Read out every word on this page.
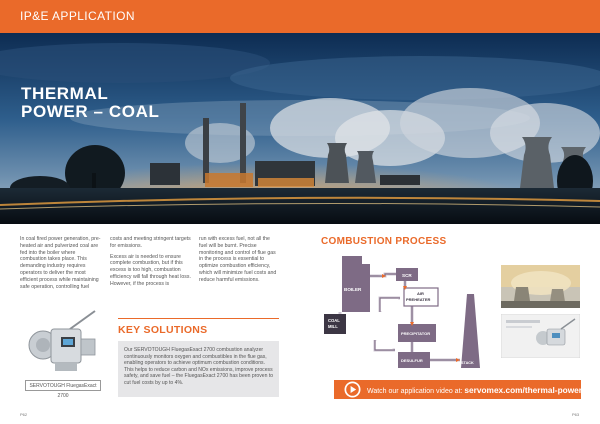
IP&E APPLICATION
THERMAL
POWER – COAL

In coal fired power generation, pre-heated air and pulverized coal are fed into the boiler where combustion takes place. This demanding industry requires operators to deliver the most efficient process while maintaining safe operation, controlling fuel

costs and meeting stringent targets for emissions.

Excess air is needed to ensure complete combustion, but if this excess is too high, combustion efficiency will fall through heat loss. However, if the process is

run with excess fuel, not all the fuel will be burnt. Precise monitoring and control of flue gas in the process is essential to optimize combustion efficiency, which will minimize fuel costs and reduce harmful emissions.

SERVOTOUGH FluegasExact 2700
KEY SOLUTIONS
Our SERVOTOUGH FluegasExact 2700 combustion analyzer continuously monitors oxygen and combustibles in the flue gas, enabling operators to achieve optimum combustion conditions. This helps to reduce carbon and NOx emissions, improve process safety, and save fuel – the FluegasExact 2700 has been proven to cut fuel costs by up to 4%.
COMBUSTION PROCESS
BOILER
SCR
AIR
PREHEATER
COAL
MILL
PRECIPITATOR
DESULFUR	STACK
Watch our application video at: servomex.com/thermal-power
P62	P63
